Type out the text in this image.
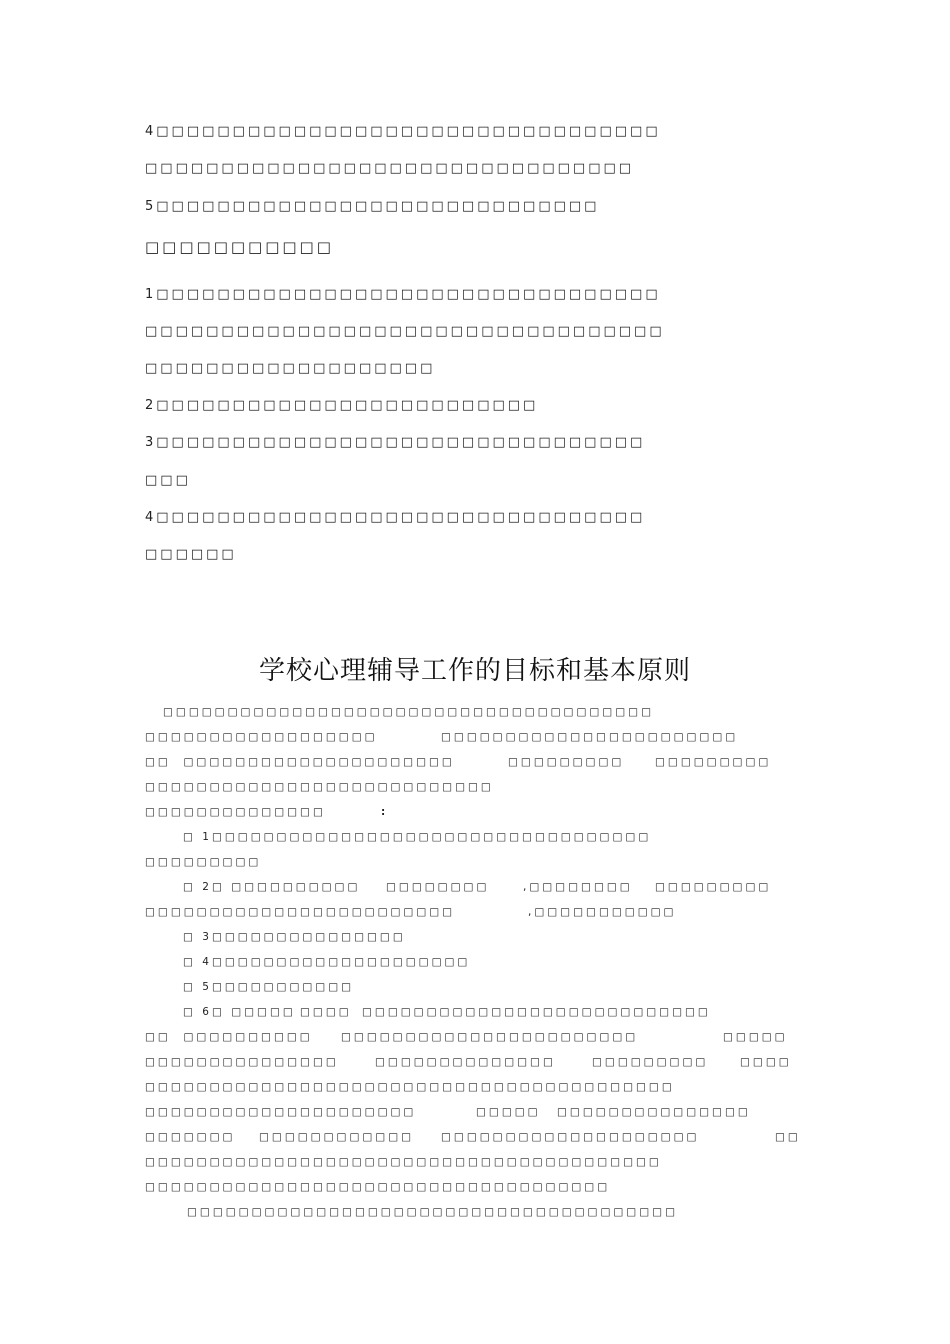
4□□□□□□□□□□□□□□□□□□□□□□□□□□□□□□□□□
□□□□□□□□□□□□□□□□□□□□□□□□□□□□□□□□
5□□□□□□□□□□□□□□□□□□□□□□□□□□□□□
□□□□□□□□□□□
1□□□□□□□□□□□□□□□□□□□□□□□□□□□□□□□□□
□□□□□□□□□□□□□□□□□□□□□□□□□□□□□□□□□□
□□□□□□□□□□□□□□□□□□□
2□□□□□□□□□□□□□□□□□□□□□□□□□
3□□□□□□□□□□□□□□□□□□□□□□□□□□□□□□□□
□□□
4□□□□□□□□□□□□□□□□□□□□□□□□□□□□□□□□
□□□□□□
学校心理辅导工作的目标和基本原则
□□□□□□□□□□□□□□□□□□□□□□□□□□□□□□□□□□□□□□
□□□□□□□□□□□□□□□□□□	□□□□□□□□□□□□□□□□□□□□□□□
□□  □□□□□□□□□□□□□□□□□□□□□	□□□□□□□□□	□□□□□□□□□
□□□□□□□□□□□□□□□□□□□□□□□□□□□
□□□□□□□□□□□□□□	:
□ 1□□□□□□□□□□□□□□□□□□□□□□□□□□□□□□□□□□
□□□□□□□□□
□ 2□ □□□□□□□□□□ □□□□□□□□	,□□□□□□□□ □□□□□□□□□
□□□□□□□□□□□□□□□□□□□□□□□□	,□□□□□□□□□□□
□ 3□□□□□□□□□□□□□□□
□ 4□□□□□□□□□□□□□□□□□□□□
□ 5□□□□□□□□□□□
□ 6□ □□□□□ □□□□ □□□□□□□□□□□□□□□□□□□□□□□□□□□
□□  □□□□□□□□□□	□□□□□□□□□□□□□□□□□□□□□□□	□□□□□
□□□□□□□□□□□□□□□	□□□□□□□□□□□□□□	□□□□□□□□□	□□□□
□□□□□□□□□□□□□□□□□□□□□□□□□□□□□□□□□□□□□□□□□
□□□□□□□□□□□□□□□□□□□□□	□□□□□ □□□□□□□□□□□□□□□
□□□□□□□ □□□□□□□□□□□□	□□□□□□□□□□□□□□□□□□□□	□□
□□□□□□□□□□□□□□□□□□□□□□□□□□□□□□□□□□□□□□□□
□□□□□□□□□□□□□□□□□□□□□□□□□□□□□□□□□□□□
□□□□□□□□□□□□□□□□□□□□□□□□□□□□□□□□□□□□□□
